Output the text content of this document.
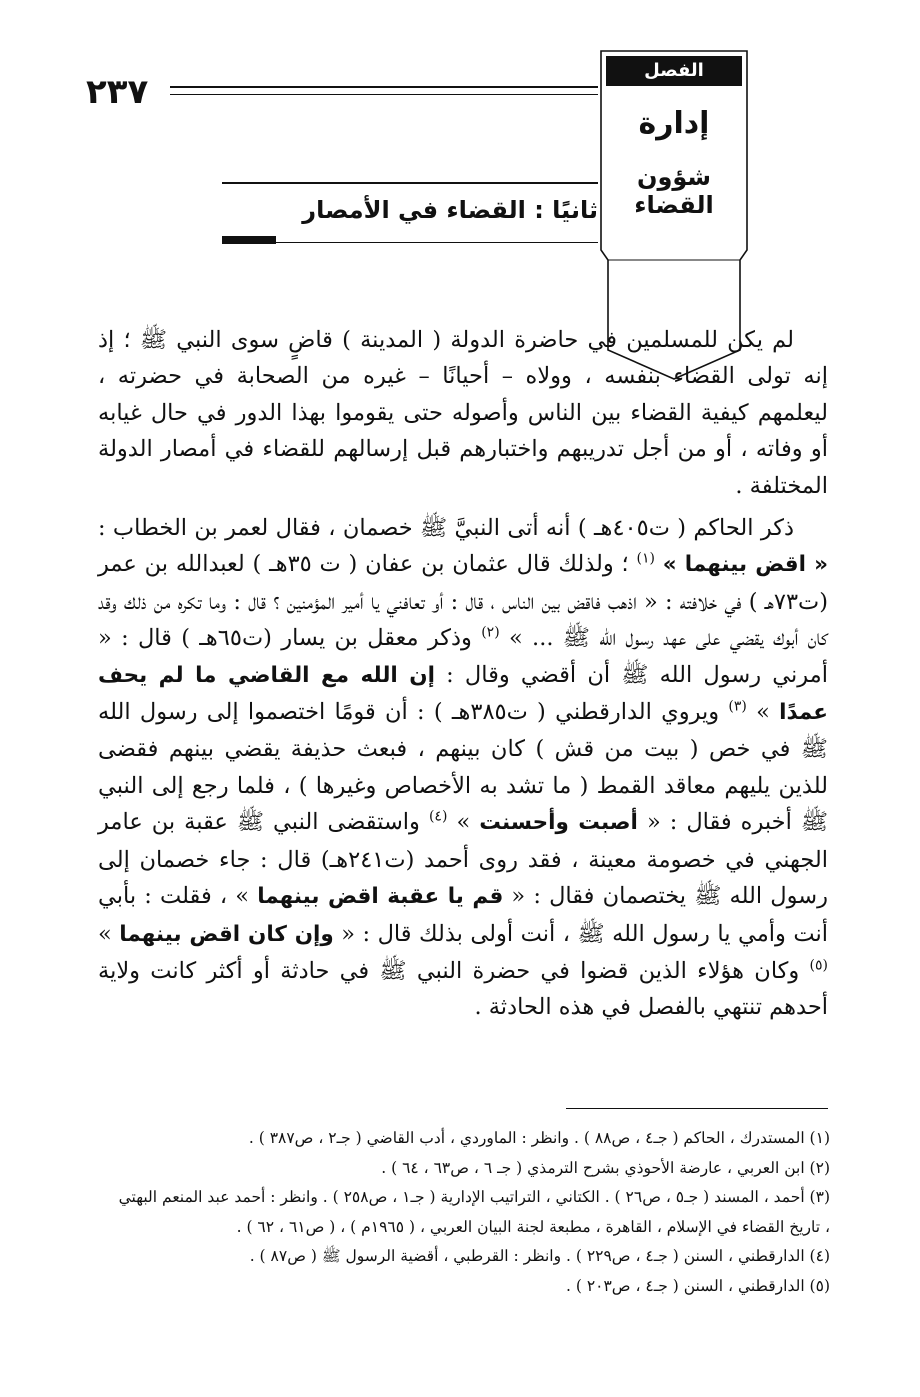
٢٣٧
الفصل السادس
إدارة
شؤون القضاء
ثانيًا : القضاء في الأمصار

لم يكن للمسلمين في حاضرة الدولة ( المدينة ) قاضٍ سوى النبي ﷺ ؛ إذ إنه تولى القضاء بنفسه ، وولاه – أحيانًا – غيره من الصحابة في حضرته ، ليعلمهم كيفية القضاء بين الناس وأصوله حتى يقوموا بهذا الدور في حال غيابه أو وفاته ، أو من أجل تدريبهم واختبارهم قبل إرسالهم للقضاء في أمصار الدولة المختلفة .

ذكر الحاكم ( ت٤٠٥هـ ) أنه أتى النبيَّ ﷺ خصمان ، فقال لعمر بن الخطاب : « اقض بينهما » $^{(١)}$ ؛ ولذلك قال عثمان بن عفان ( ت ٣٥هـ ) لعبدالله بن عمر (ت٧٣هـ ) في خلافته : « اذهب فاقض بين الناس ، قال : أو تعافني يا أمير المؤمنين ؟ قال : وما تكره من ذلك وقد كان أبوك يقضي على عهد رسول الله ﷺ ... » $^{(٢)}$ وذكر معقل بن يسار (ت٦٥هـ ) قال : « أمرني رسول الله ﷺ أن أقضي وقال : إن الله مع القاضي ما لم يحف عمدًا » $^{(٣)}$ ويروي الدارقطني ( ت٣٨٥هـ ) : أن قومًا اختصموا إلى رسول الله ﷺ في خص ( بيت من قش ) كان بينهم ، فبعث حذيفة يقضي بينهم فقضى للذين يليهم معاقد القمط ( ما تشد به الأخصاص وغيرها ) ، فلما رجع إلى النبي ﷺ أخبره فقال : « أصبت وأحسنت » $^{(٤)}$ واستقضى النبي ﷺ عقبة بن عامر الجهني في خصومة معينة ، فقد روى أحمد (ت٢٤١هـ) قال : جاء خصمان إلى رسول الله ﷺ يختصمان فقال : « قم يا عقبة اقض بينهما » ، فقلت : بأبي أنت وأمي يا رسول الله ﷺ ، أنت أولى بذلك قال : « وإن كان اقض بينهما » $^{(٥)}$ وكان هؤلاء الذين قضوا في حضرة النبي ﷺ في حادثة أو أكثر كانت ولاية أحدهم تنتهي بالفصل في هذه الحادثة .

(١) المستدرك ، الحاكم ( جـ٤ ، ص٨٨ ) . وانظر : الماوردي ، أدب القاضي ( جـ٢ ، ص٣٨٧ ) .

(٢) ابن العربي ، عارضة الأحوذي بشرح الترمذي ( جـ ٦ ، ص٦٣ ، ٦٤ ) .

(٣) أحمد ، المسند ( جـ٥ ، ص٢٦ ) . الكتاني ، التراتيب الإدارية ( جـ١ ، ص٢٥٨ ) . وانظر : أحمد عبد المنعم البهتي ، تاريخ القضاء في الإسلام ، القاهرة ، مطبعة لجنة البيان العربي ، ( ١٩٦٥م ) ، ( ص٦١ ، ٦٢ ) .

(٤) الدارقطني ، السنن ( جـ٤ ، ص٢٢٩ ) . وانظر : القرطبي ، أقضية الرسول ﷺ ( ص٨٧ ) .

(٥) الدارقطني ، السنن ( جـ٤ ، ص٢٠٣ ) .
